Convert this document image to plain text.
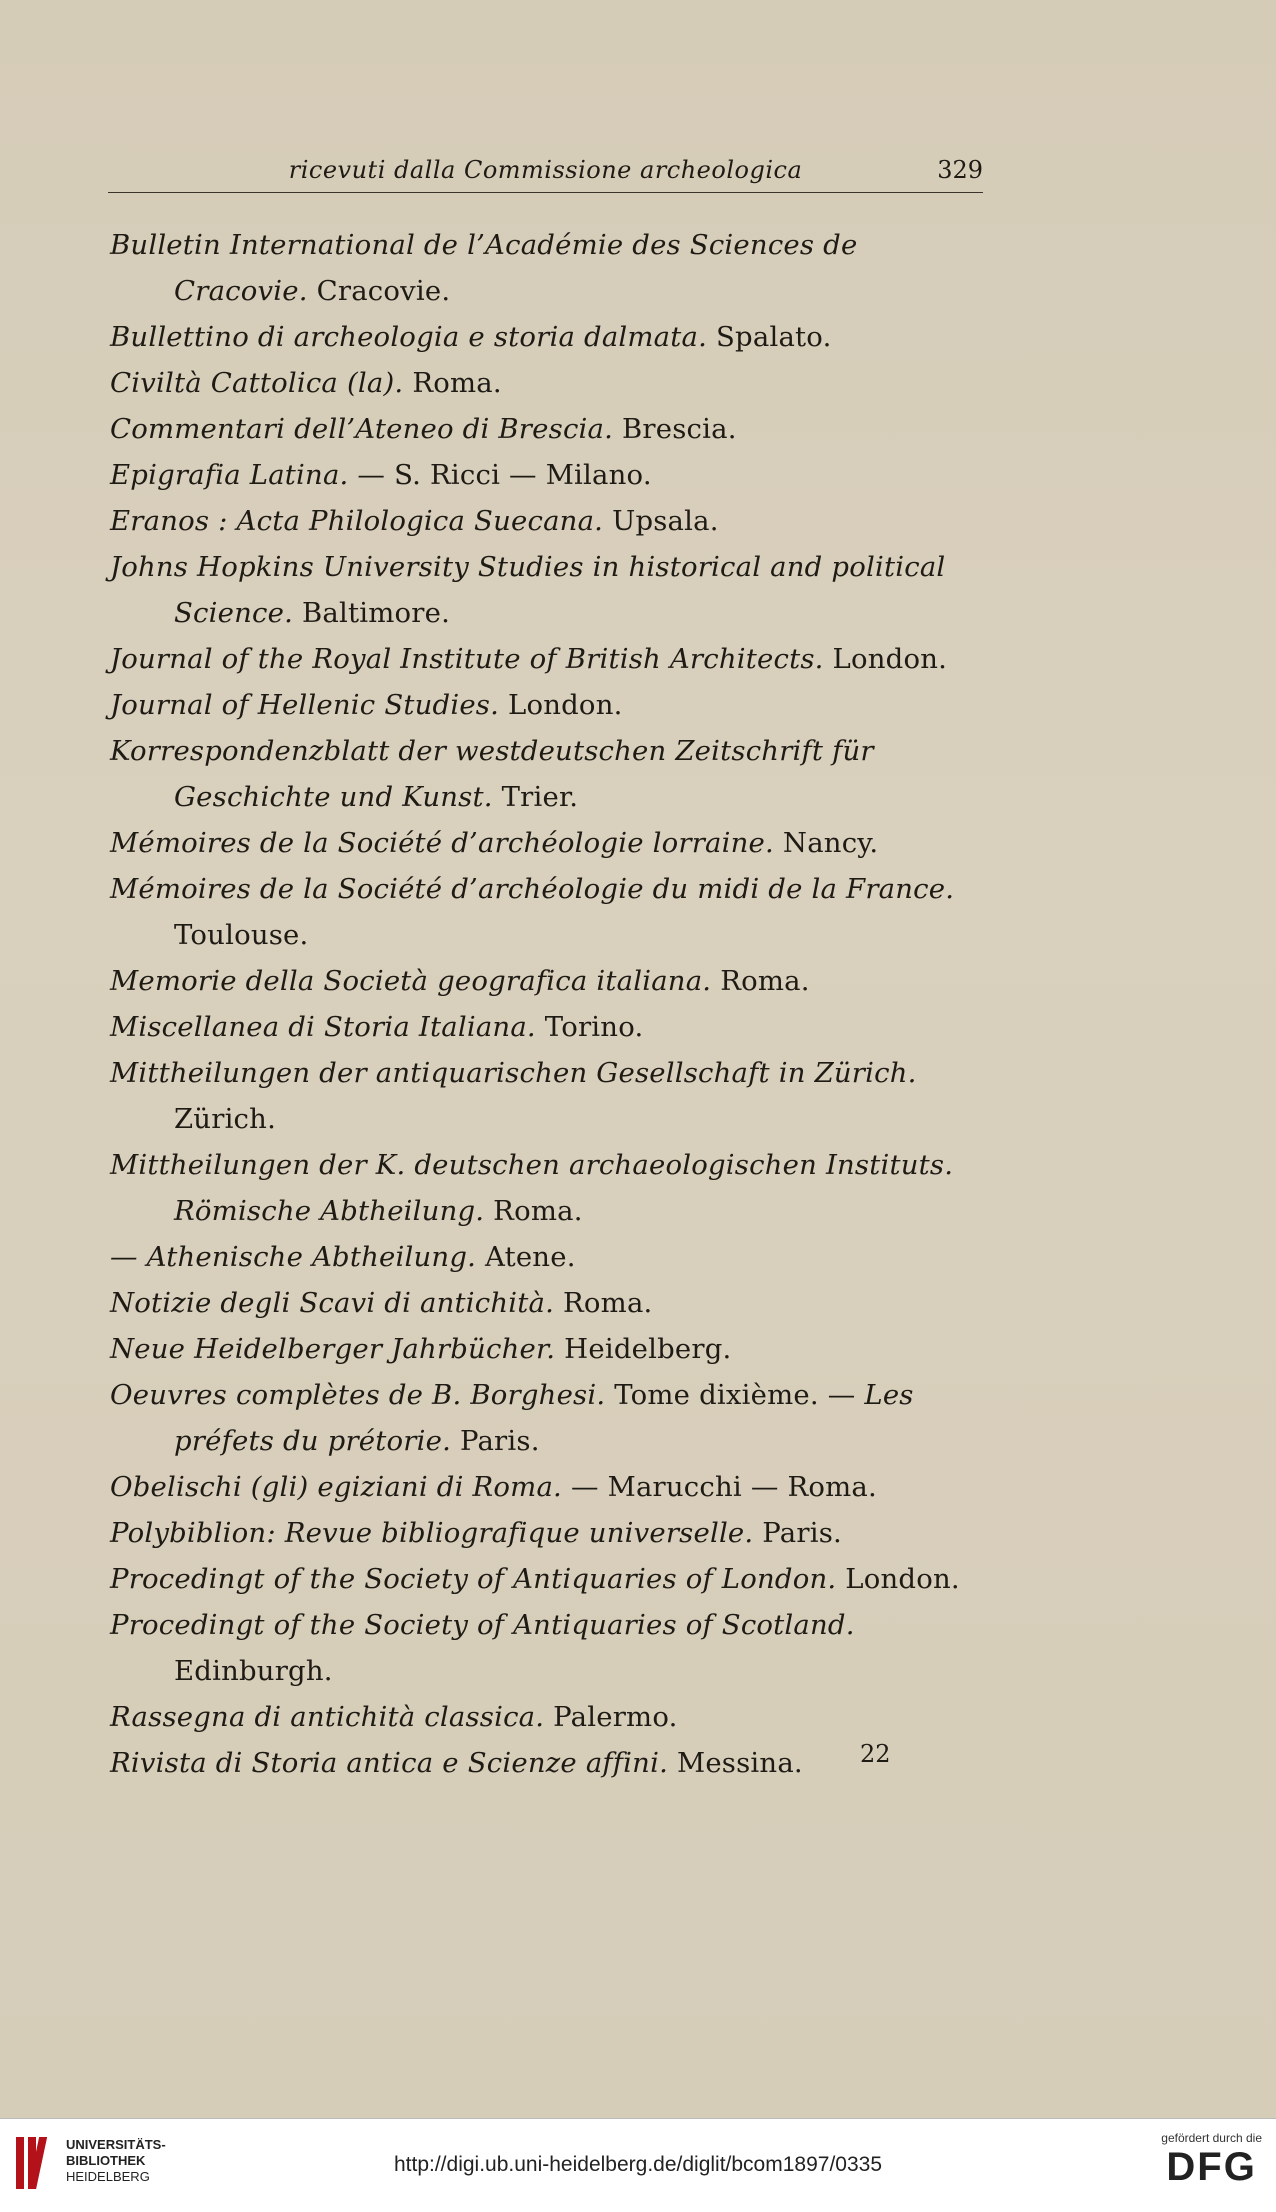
ricevuti dalla Commissione archeologica	329
Bulletin International de l’Académie des Sciences de Cracovie. Cracovie.
Bullettino di archeologia e storia dalmata. Spalato.
Civiltà Cattolica (la). Roma.
Commentari dell’Ateneo di Brescia. Brescia.
Epigrafia Latina. — S. Ricci — Milano.
Eranos : Acta Philologica Suecana. Upsala.
Johns Hopkins University Studies in historical and political Science. Baltimore.
Journal of the Royal Institute of British Architects. London.
Journal of Hellenic Studies. London.
Korrespondenzblatt der westdeutschen Zeitschrift für Geschichte und Kunst. Trier.
Mémoires de la Société d’archéologie lorraine. Nancy.
Mémoires de la Société d’archéologie du midi de la France. Toulouse.
Memorie della Società geografica italiana. Roma.
Miscellanea di Storia Italiana. Torino.
Mittheilungen der antiquarischen Gesellschaft in Zürich. Zürich.
Mittheilungen der K. deutschen archaeologischen Instituts. Römische Abtheilung. Roma.
— Athenische Abtheilung. Atene.
Notizie degli Scavi di antichità. Roma.
Neue Heidelberger Jahrbücher. Heidelberg.
Oeuvres complètes de B. Borghesi. Tome dixième. — Les préfets du prétorie. Paris.
Obelischi (gli) egiziani di Roma. — Marucchi — Roma.
Polybiblion: Revue bibliografique universelle. Paris.
Procedingt of the Society of Antiquaries of London. London.
Procedingt of the Society of Antiquaries of Scotland. Edinburgh.
Rassegna di antichità classica. Palermo.
Rivista di Storia antica e Scienze affini. Messina.	22
UNIVERSITÄTS-
BIBLIOTHEK
HEIDELBERG
http://digi.ub.uni-heidelberg.de/diglit/bcom1897/0335
gefördert durch die
DFG
